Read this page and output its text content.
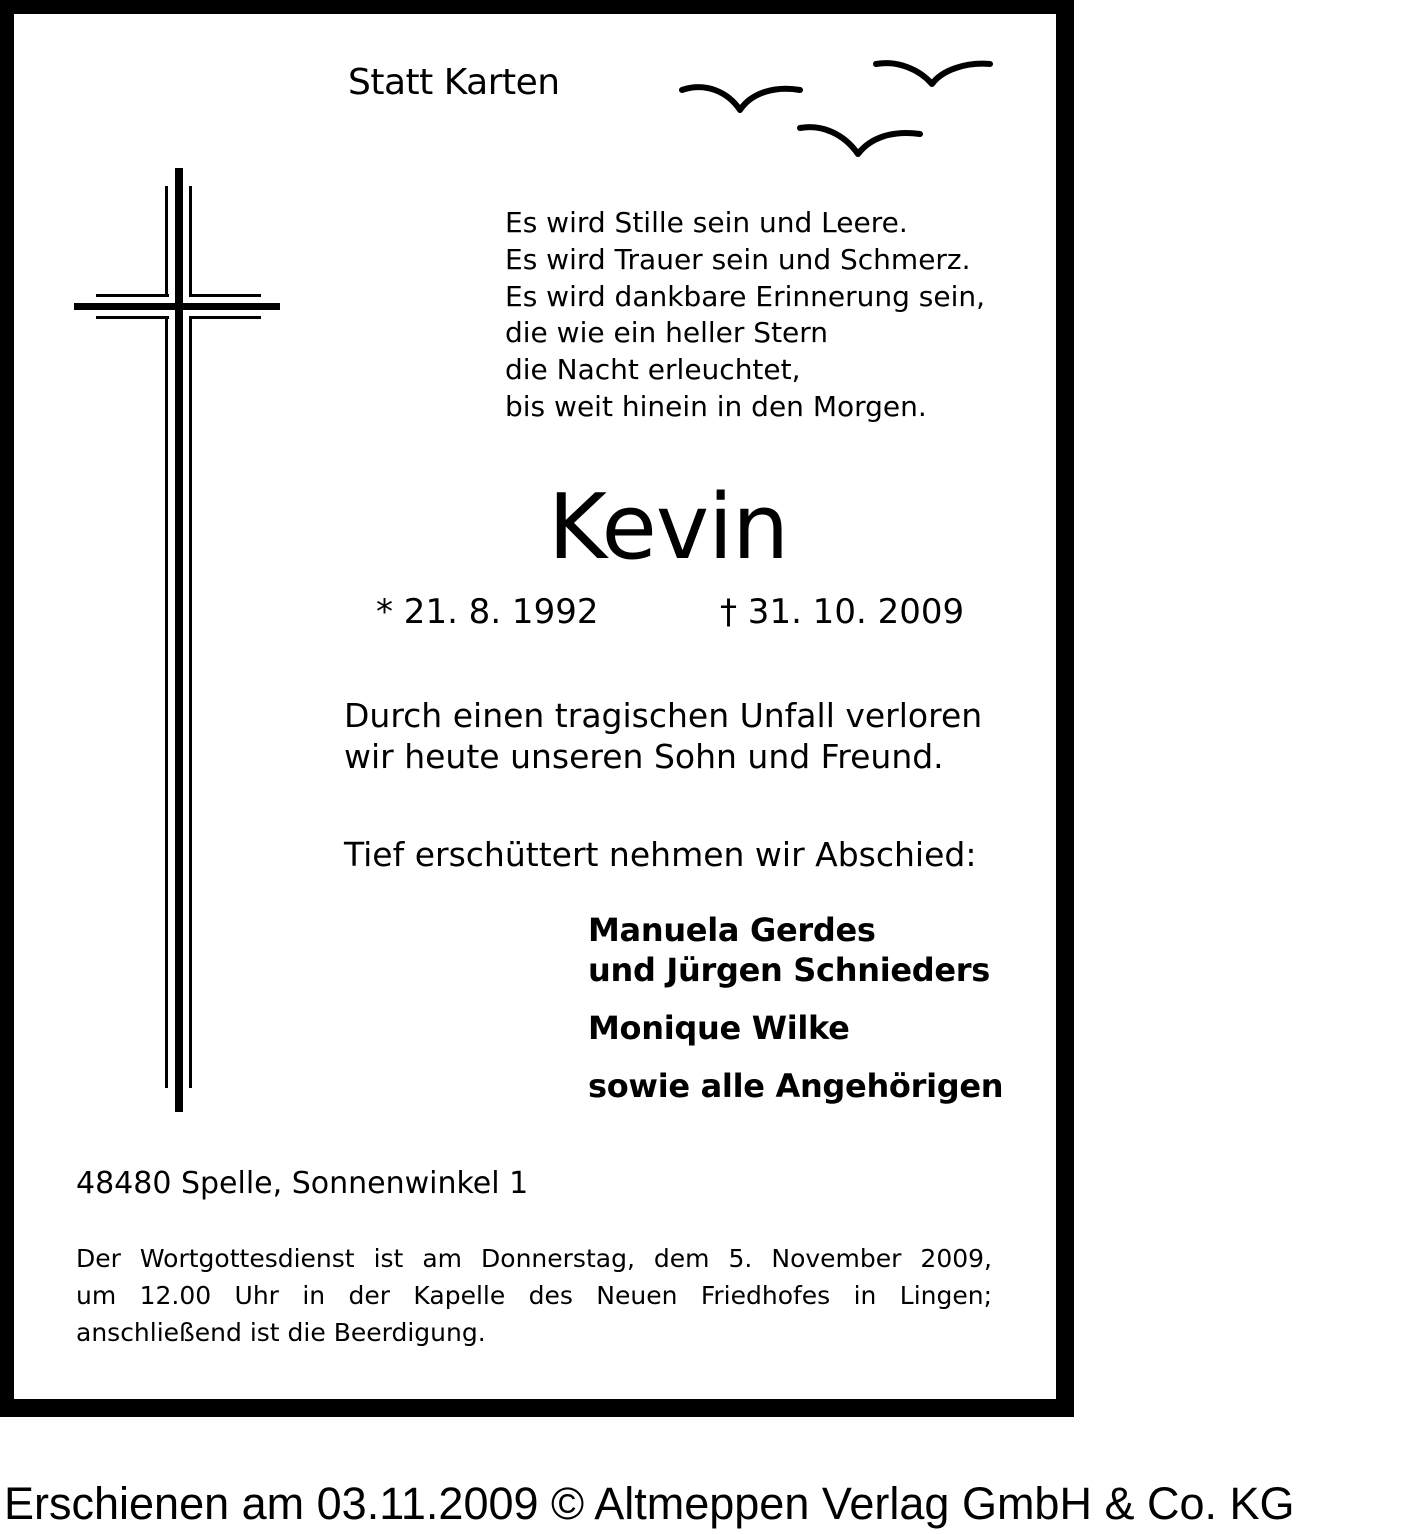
Statt Karten
Es wird Stille sein und Leere.
Es wird Trauer sein und Schmerz.
Es wird dankbare Erinnerung sein,
die wie ein heller Stern
die Nacht erleuchtet,
bis weit hinein in den Morgen.
Kevin
* 21. 8. 1992	† 31. 10. 2009
Durch einen tragischen Unfall verloren
wir heute unseren Sohn und Freund.
Tief erschüttert nehmen wir Abschied:
Manuela Gerdes
und Jürgen Schnieders
Monique Wilke
sowie alle Angehörigen
48480 Spelle, Sonnenwinkel 1
Der Wortgottesdienst ist am Donnerstag, dem 5. November 2009,
um 12.00 Uhr in der Kapelle des Neuen Friedhofes in Lingen;
anschließend ist die Beerdigung.
Erschienen am 03.11.2009 © Altmeppen Verlag GmbH & Co. KG
